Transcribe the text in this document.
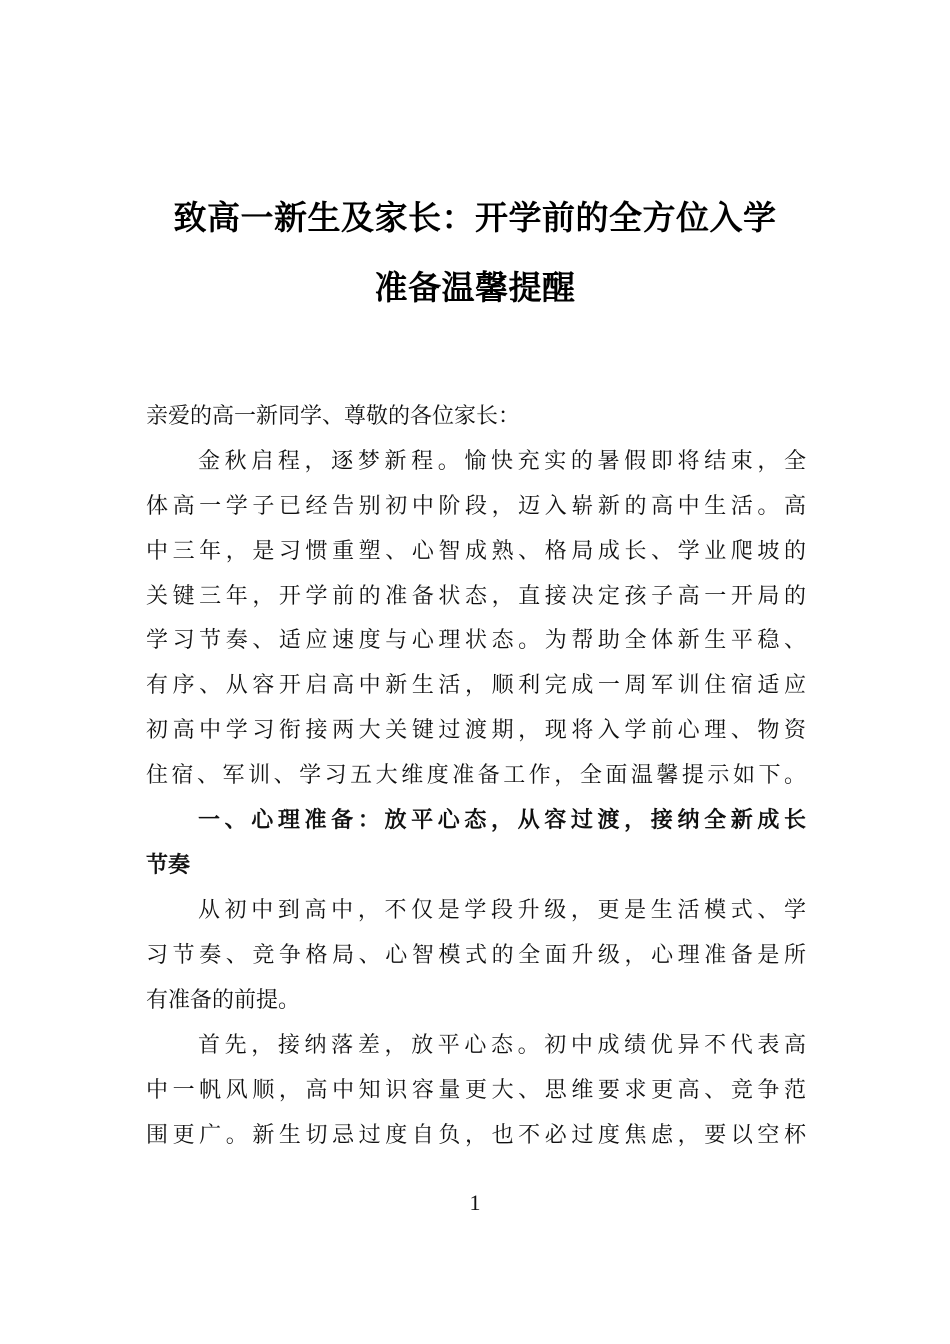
致高一新生及家长：开学前的全方位入学
准备温馨提醒
亲爱的高一新同学、尊敬的各位家长：
金秋启程，逐梦新程。愉快充实的暑假即将结束，全
体高一学子已经告别初中阶段，迈入崭新的高中生活。高
中三年，是习惯重塑、心智成熟、格局成长、学业爬坡的
关键三年，开学前的准备状态，直接决定孩子高一开局的
学习节奏、适应速度与心理状态。为帮助全体新生平稳、
有序、从容开启高中新生活，顺利完成一周军训住宿适应
初高中学习衔接两大关键过渡期，现将入学前心理、物资
住宿、军训、学习五大维度准备工作，全面温馨提示如下。
一、心理准备：放平心态，从容过渡，接纳全新成长
节奏
从初中到高中，不仅是学段升级，更是生活模式、学
习节奏、竞争格局、心智模式的全面升级，心理准备是所
有准备的前提。
首先，接纳落差，放平心态。初中成绩优异不代表高
中一帆风顺，高中知识容量更大、思维要求更高、竞争范
围更广。新生切忌过度自负，也不必过度焦虑，要以空杯
1
